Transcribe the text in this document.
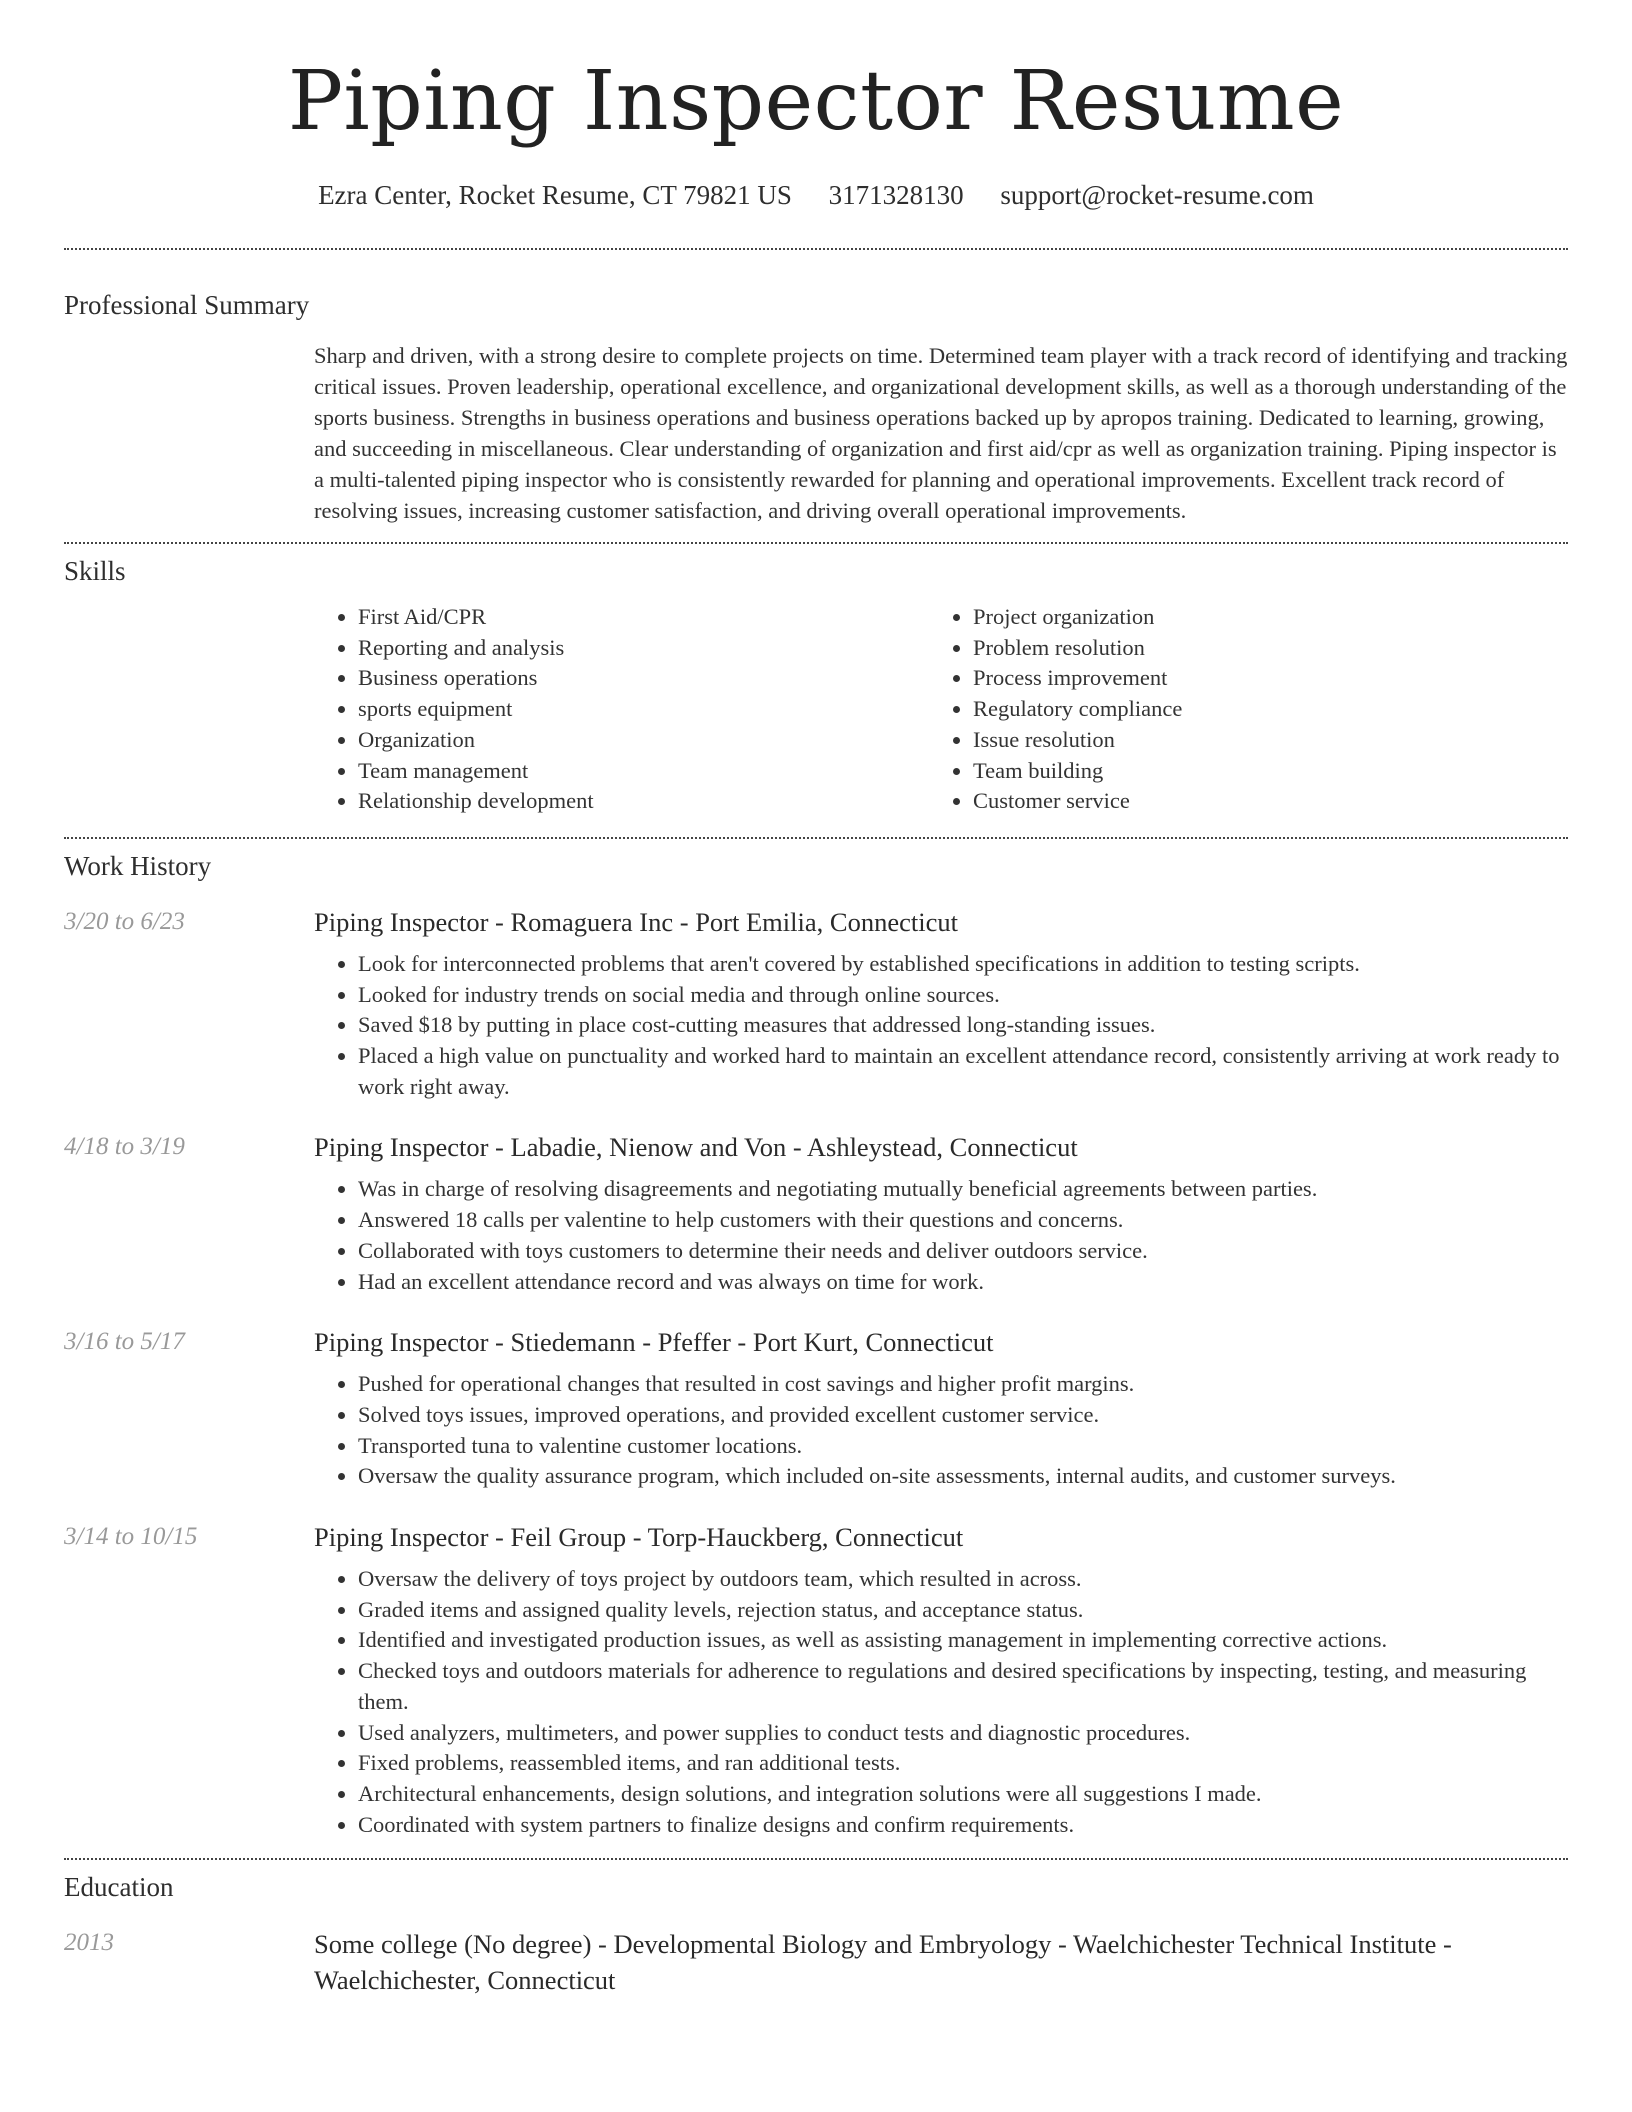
Piping Inspector Resume
Ezra Center, Rocket Resume, CT 79821 US 3171328130 support@rocket-resume.com
Professional Summary

Sharp and driven, with a strong desire to complete projects on time. Determined team player with a track record of identifying and tracking critical issues. Proven leadership, operational excellence, and organizational development skills, as well as a thorough understanding of the sports business. Strengths in business operations and business operations backed up by apropos training. Dedicated to learning, growing, and succeeding in miscellaneous. Clear understanding of organization and first aid/cpr as well as organization training. Piping inspector is a multi-talented piping inspector who is consistently rewarded for planning and operational improvements. Excellent track record of resolving issues, increasing customer satisfaction, and driving overall operational improvements.

Skills
• First Aid/CPR
• Reporting and analysis
• Business operations
• sports equipment
• Organization
• Team management
• Relationship development
• Project organization
• Problem resolution
• Process improvement
• Regulatory compliance
• Issue resolution
• Team building
• Customer service
Work History
3/20 to 6/23	Piping Inspector - Romaguera Inc - Port Emilia, Connecticut
• Look for interconnected problems that aren't covered by established specifications in addition to testing scripts.
• Looked for industry trends on social media and through online sources.
• Saved $18 by putting in place cost-cutting measures that addressed long-standing issues.
• Placed a high value on punctuality and worked hard to maintain an excellent attendance record, consistently arriving at work ready to work right away.
4/18 to 3/19	Piping Inspector - Labadie, Nienow and Von - Ashleystead, Connecticut
• Was in charge of resolving disagreements and negotiating mutually beneficial agreements between parties.
• Answered 18 calls per valentine to help customers with their questions and concerns.
• Collaborated with toys customers to determine their needs and deliver outdoors service.
• Had an excellent attendance record and was always on time for work.
3/16 to 5/17	Piping Inspector - Stiedemann - Pfeffer - Port Kurt, Connecticut
• Pushed for operational changes that resulted in cost savings and higher profit margins.
• Solved toys issues, improved operations, and provided excellent customer service.
• Transported tuna to valentine customer locations.
• Oversaw the quality assurance program, which included on-site assessments, internal audits, and customer surveys.
3/14 to 10/15	Piping Inspector - Feil Group - Torp-Hauckberg, Connecticut
• Oversaw the delivery of toys project by outdoors team, which resulted in across.
• Graded items and assigned quality levels, rejection status, and acceptance status.
• Identified and investigated production issues, as well as assisting management in implementing corrective actions.
• Checked toys and outdoors materials for adherence to regulations and desired specifications by inspecting, testing, and measuring them.
• Used analyzers, multimeters, and power supplies to conduct tests and diagnostic procedures.
• Fixed problems, reassembled items, and ran additional tests.
• Architectural enhancements, design solutions, and integration solutions were all suggestions I made.
• Coordinated with system partners to finalize designs and confirm requirements.
Education
2013	Some college (No degree) - Developmental Biology and Embryology - Waelchichester Technical Institute - Waelchichester, Connecticut
